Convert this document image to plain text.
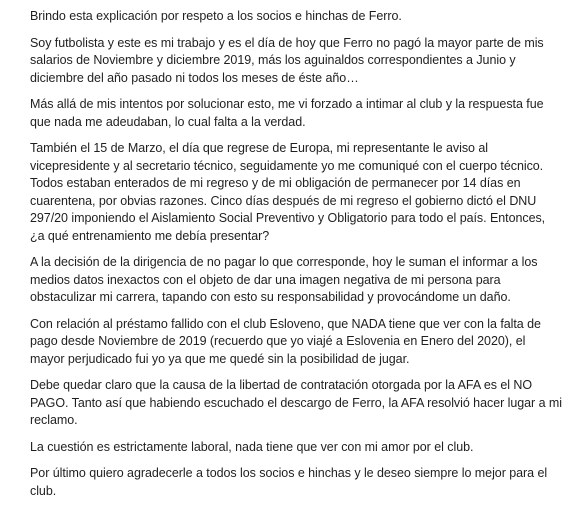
Brindo esta explicación por respeto a los socios e hinchas de Ferro.

Soy futbolista y este es mi trabajo y es el día de hoy que Ferro no pagó la mayor parte de mis
salarios de Noviembre y diciembre 2019, más los aguinaldos correspondientes a Junio y
diciembre del año pasado ni todos los meses de éste año…

Más allá de mis intentos por solucionar esto, me vi forzado a intimar al club y la respuesta fue
que nada me adeudaban, lo cual falta a la verdad.

También el 15 de Marzo, el día que regrese de Europa, mi representante le aviso al
vicepresidente y al secretario técnico, seguidamente yo me comuniqué con el cuerpo técnico.
Todos estaban enterados de mi regreso y de mi obligación de permanecer por 14 días en
cuarentena, por obvias razones. Cinco días después de mi regreso el gobierno dictó el DNU
297/20 imponiendo el Aislamiento Social Preventivo y Obligatorio para todo el país. Entonces,
¿a qué entrenamiento me debía presentar?

A la decisión de la dirigencia de no pagar lo que corresponde, hoy le suman el informar a los
medios datos inexactos con el objeto de dar una imagen negativa de mi persona para
obstaculizar mi carrera, tapando con esto su responsabilidad y provocándome un daño.

Con relación al préstamo fallido con el club Esloveno, que NADA tiene que ver con la falta de
pago desde Noviembre de 2019 (recuerdo que yo viajé a Eslovenia en Enero del 2020), el
mayor perjudicado fui yo ya que me quedé sin la posibilidad de jugar.

Debe quedar claro que la causa de la libertad de contratación otorgada por la AFA es el NO
PAGO. Tanto así que habiendo escuchado el descargo de Ferro, la AFA resolvió hacer lugar a mi
reclamo.

La cuestión es estrictamente laboral, nada tiene que ver con mi amor por el club.

Por último quiero agradecerle a todos los socios e hinchas y le deseo siempre lo mejor para el
club.
